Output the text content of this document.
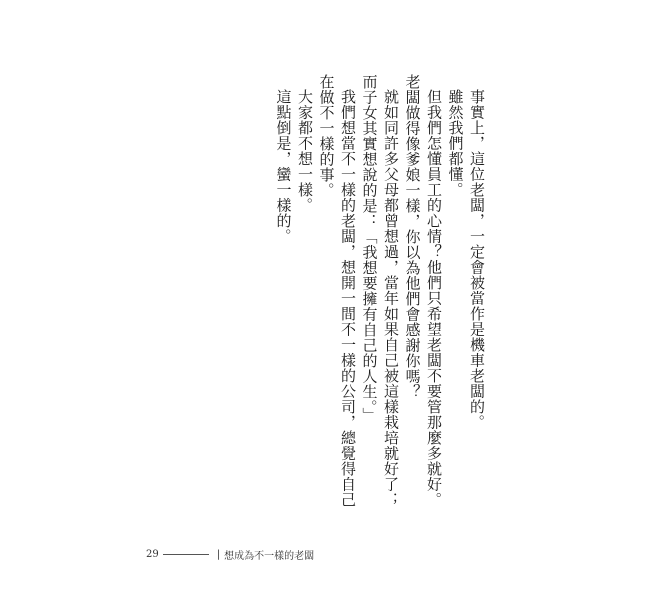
事實上，這位老闆，一定會被當作是機車老闆的。

雖然我們都懂。

但我們怎懂員工的心情？他們只希望老闆不要管那麼多就好。老闆做得像爹娘一樣，你以為他們會感謝你嗎？

就如同許多父母都曾想過，當年如果自己被這樣栽培就好了；而子女其實想說的是：「我想要擁有自己的人生。」

我們想當不一樣的老闆，想開一間不一樣的公司，總覺得自己在做不一樣的事。

大家都不想一樣。

這點倒是，蠻一樣的。

29	| 想成為不一樣的老闆
